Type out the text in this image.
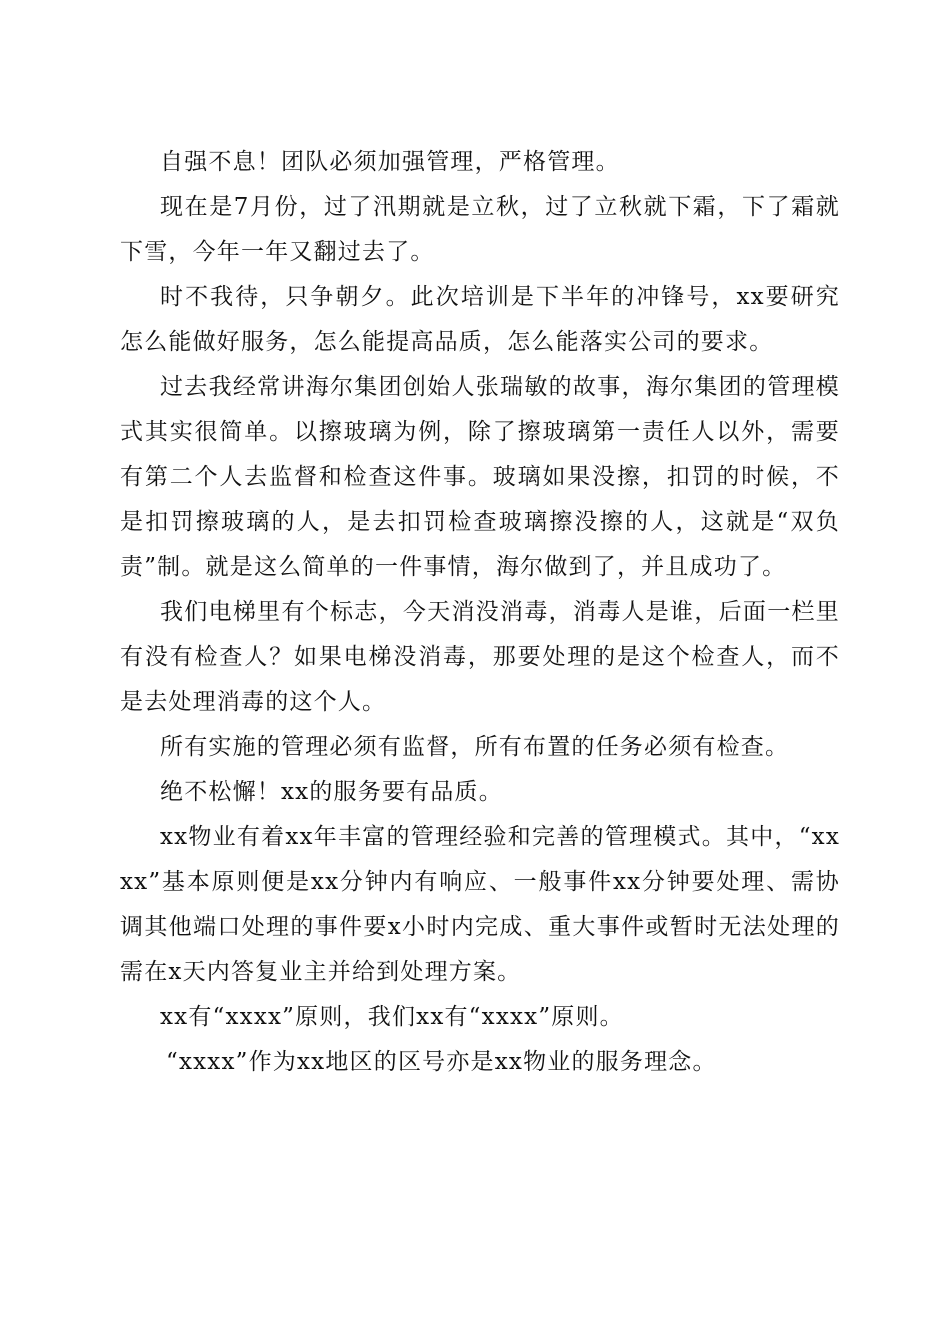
自强不息！团队必须加强管理，严格管理。

现在是7月份，过了汛期就是立秋，过了立秋就下霜，下了霜就下雪，今年一年又翻过去了。

时不我待，只争朝夕。此次培训是下半年的冲锋号，xx要研究怎么能做好服务，怎么能提高品质，怎么能落实公司的要求。

过去我经常讲海尔集团创始人张瑞敏的故事，海尔集团的管理模式其实很简单。以擦玻璃为例，除了擦玻璃第一责任人以外，需要有第二个人去监督和检查这件事。玻璃如果没擦，扣罚的时候，不是扣罚擦玻璃的人，是去扣罚检查玻璃擦没擦的人，这就是“双负责”制。就是这么简单的一件事情，海尔做到了，并且成功了。

我们电梯里有个标志，今天消没消毒，消毒人是谁，后面一栏里有没有检查人？如果电梯没消毒，那要处理的是这个检查人，而不是去处理消毒的这个人。

所有实施的管理必须有监督，所有布置的任务必须有检查。

绝不松懈！xx的服务要有品质。

xx物业有着xx年丰富的管理经验和完善的管理模式。其中，“xxxx”基本原则便是xx分钟内有响应、一般事件xx分钟要处理、需协调其他端口处理的事件要x小时内完成、重大事件或暂时无法处理的需在x天内答复业主并给到处理方案。

xx有“xxxx”原则，我们xx有“xxxx”原则。

“xxxx”作为xx地区的区号亦是xx物业的服务理念。
